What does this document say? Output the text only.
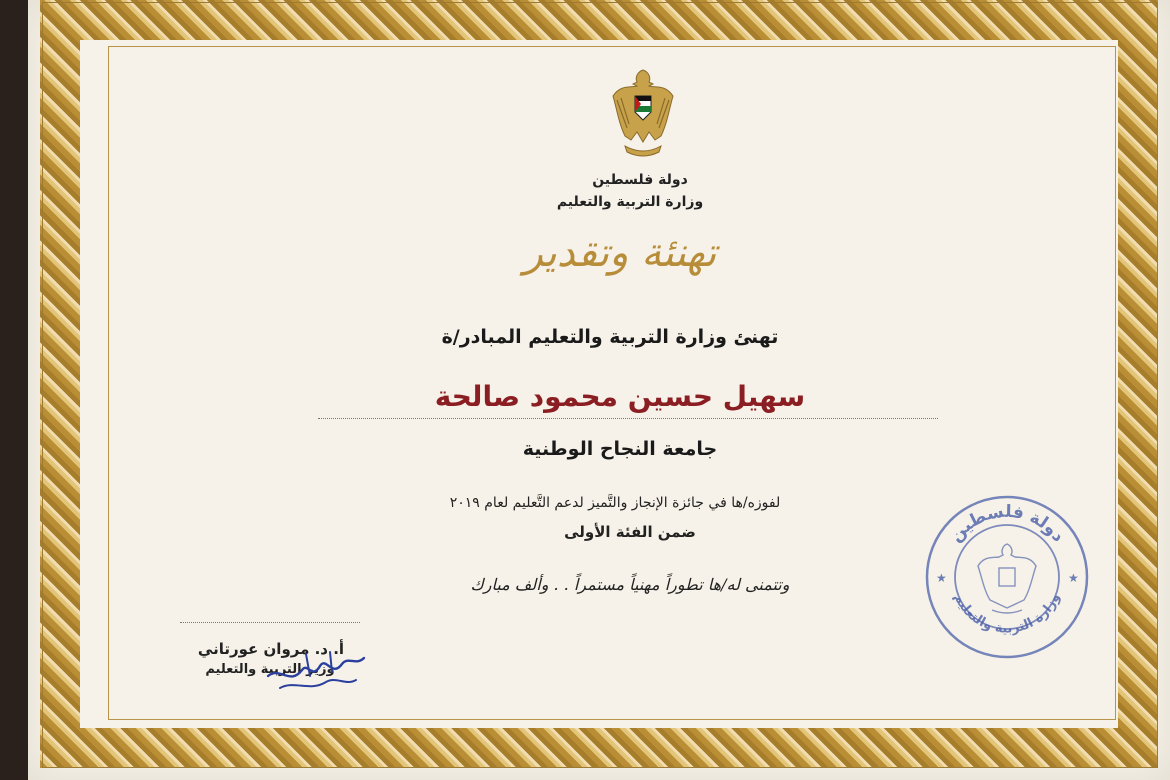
دولة فلسطين
وزارة التربية والتعليم
تهنئة وتقدير
تهنئ وزارة التربية والتعليم المبادر/ة
سهيل حسين محمود صالحة
جامعة النجاح الوطنية
لفوزه/ها في جائزة الإنجاز والتَّميز لدعم التَّعليم لعام ٢٠١٩
ضمن الفئة الأولى
وتتمنى له/ها تطوراً مهنياً مستمراً . . وألف مبارك
أ. د. مروان عورتاني
وزير التربية والتعليم
دولة فلسطين
وزارة التربية والتعليم
★	★
